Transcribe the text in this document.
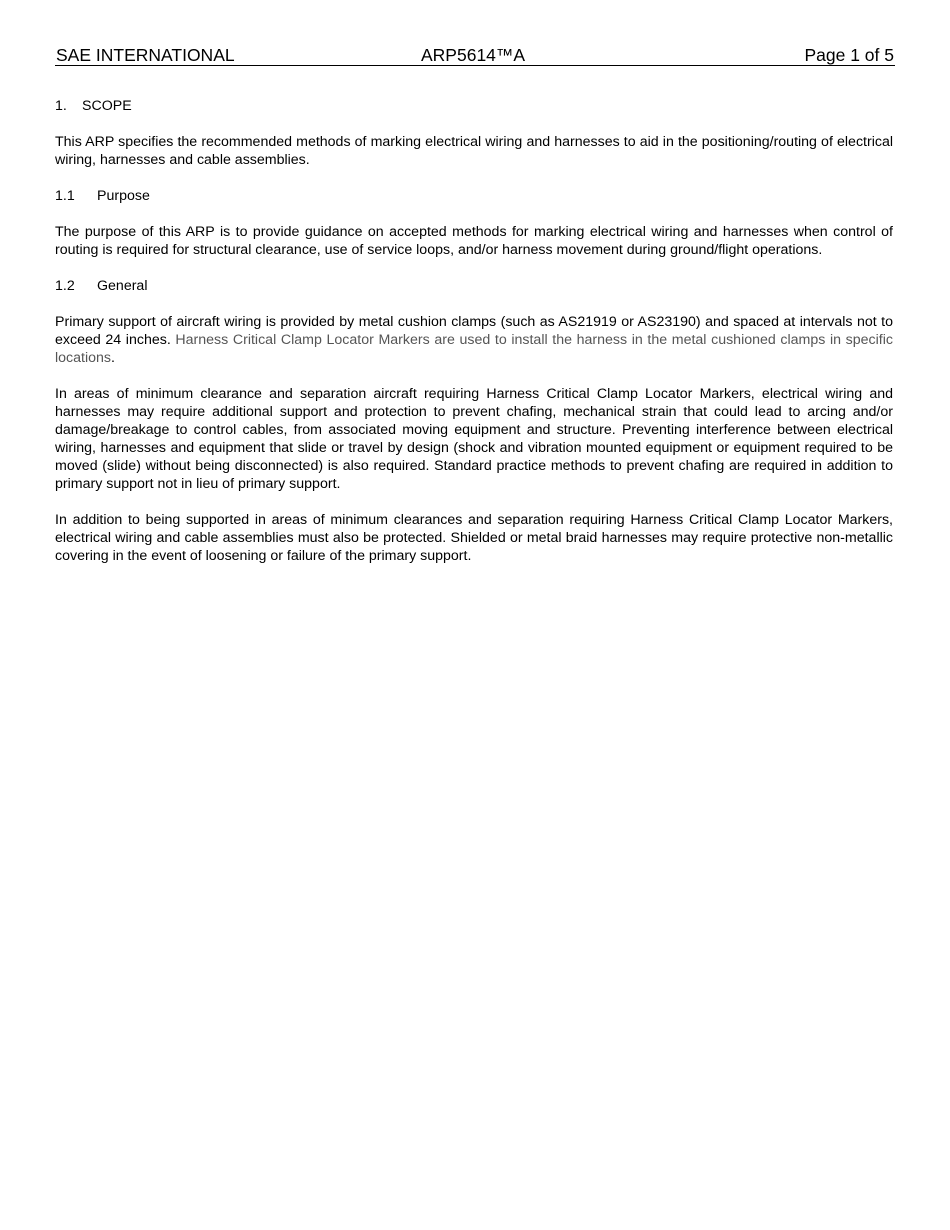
SAE INTERNATIONAL	ARP5614™A	Page 1 of 5
1. SCOPE

This ARP specifies the recommended methods of marking electrical wiring and harnesses to aid in the positioning/routing of electrical wiring, harnesses and cable assemblies.

1.1 Purpose

The purpose of this ARP is to provide guidance on accepted methods for marking electrical wiring and harnesses when control of routing is required for structural clearance, use of service loops, and/or harness movement during ground/flight operations.

1.2 General

Primary support of aircraft wiring is provided by metal cushion clamps (such as AS21919 or AS23190) and spaced at intervals not to exceed 24 inches. Harness Critical Clamp Locator Markers are used to install the harness in the metal cushioned clamps in specific locations.

In areas of minimum clearance and separation aircraft requiring Harness Critical Clamp Locator Markers, electrical wiring and harnesses may require additional support and protection to prevent chafing, mechanical strain that could lead to arcing and/or damage/breakage to control cables, from associated moving equipment and structure. Preventing interference between electrical wiring, harnesses and equipment that slide or travel by design (shock and vibration mounted equipment or equipment required to be moved (slide) without being disconnected) is also required. Standard practice methods to prevent chafing are required in addition to primary support not in lieu of primary support.

In addition to being supported in areas of minimum clearances and separation requiring Harness Critical Clamp Locator Markers, electrical wiring and cable assemblies must also be protected. Shielded or metal braid harnesses may require protective non-metallic covering in the event of loosening or failure of the primary support.
